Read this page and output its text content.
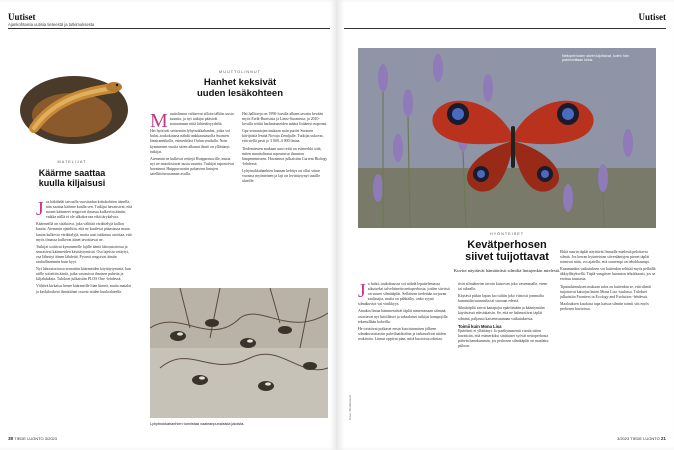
Uutiset
Ajankohtaisia uutisia tieteestä ja tutkimuksesta
MATELIJAT
Käärme saattaa
kuulla kiljaisusi
J os käkähdät taivaalla vuosisadan kohokohtien äänellä, niin saattaa käärme kuulla sen. Tutkijat havaitsivat, että monet käärmeet reagoivat ilmassa kulkeviin ääniin, vaikka niillä ei ole ulkokorvaa eikä tärykalvoa.

Käärmeillä on sisäkorva, joka välittää värähtelyjä kallon kautta. Aiemmin ajateltiin, että ne kuulevat pääasiassa maan kautta kulkevia värähtelyjä, mutta uusi tutkimus osoittaa, että myös ilmassa kulkevat äänet tavoittavat ne.

Tutkijat soittivat kymmenelle lajille ääniä laboratoriossa ja seurasivat käärmeiden käyttäytymistä. Osa lajeista vetäytyi, osa lähestyi äänen lähdettä. Pytonit reagoivat ääniin rauhallisemmin kuin kyyt.

Nyt laboratoriossa seurattiin käärmeiden käyttäytymistä, kun niille soitettiin ääniä, jotka vastasivat ihmisen puhetta ja kiljahduksia. Tulokset julkaistiin PLOS One -lehdessä.

Viiltävä kirkaisu lienee käärmeille liian kimeä, mutta matalat ja keskikorkeat ihmisäänet osuvat niiden kuuloalueelle.

MUUTTOLINNUT
Hanhet keksivät
uuden lesäkohteen
M uuttolinnut valitsevat silloin tällöin uusia suuntia, ja nyt tutkijat pääsivät seuraamaan niitä lähietäisyydeltä.

Hei hyötivät seitsemän lyhytnokkahanhet, jotka voi huhti–toukokuussa nähdä tankkaustauolla Suomen länsirannikolla, esimerkiksi Oulun seudulla. Noin kymmenen vuotta sitten alkanut ilmiö on yllättänyt tutkijat.

Aiemmin ne kulkivat reittejä Huippuvuorille, mutta nyt ne muodostavat uusia suuntia. Tutkijat raportoivat havainnot Huippuvuoriin palaavien lintujen satelliittiseurannan avulla.

Hai hallitseja on 1990-luvulla alkaen tavattu kevään myös Etelä-Ruotsista ja Länsi-Suomesta, ja 2010-luvulla reititä harhautuneiden määrä lisääntyi nopeasti.

Gps-seurantojen mukaan noin puolet Suomen kävijöistä lentää Novaja Zemljalle. Tutkijat uskovat, että siellä pesii jo 3 000–4 000 lintua.

Tiedemiesten mukaan uusi reitti on esimerkki siitä, miten muuttolinnut sopeutuvat ilmaston lämpenemiseen. Havainnot julkaistiin Current Biology -lehdessä.

Lyhytnokkahanhien kannan kehitys on ollut viime vuosina myönteinen ja laji on levittäytynyt uusille alueille.

Lyhytnokkahanhien tunnistaa vaaleanpunaisista jaloista.
38 TIEDE LUONTO 3/2023
Uutiset
Neitoperhosen siivet tuijottavat, kuten hän pahimmillaan keksi.
HYÖNTEISET
Kevätperhosen
siivet tuijottavat
Kuviot näyttävät hämäävästi silmiltä lintujenkin mielestä.
Kuva: Shutterstock
J o huhti–toukokuussa voi nähdä lepattelemassa aikuiseksi talvehtineita neitoperhosia, joiden siivissä on suuret silmätäplät. Sellaisten tiedetään torjuvan saalistajia, mutta on pähkäilty, onko syynä silmäkuviot vai värikkyys.

Amakin lintua hämmentävät täplät nimenomaan silminä, osoittavat nyt brittiläiset ja saksalaiset tutkijat kanapojilla tekemillään kokeilla.

He totuttivat poikaset ensin kuoriutumisen jälkeen silmäkuvioitaviin pahvilaatikoihin ja tarkastelivat niiden reaktioita. Linnut oppivat pian, mitä kuvioista odottaa.

tivät silmiäterien tavoin katsovan joko vasemmalle, eteen tai oikealle.

Käytävä pitkin lapun luo tulitin joko viistosti jommalta kummalta suunnalta tai suoraan edestä.

Silmätäplät saivat kanapojat epäröimään ja kääntymään käytävässä edestakaisin. Se, että ne hahmottivat täplät silminä, paljastui katseensuunnan vaikutuksesta.

Toimii kuin Mona Lisa

Epäröinti ei yllättänyt. Jo parikymmentä vuotta sitten havaittiin, että esimerkiksi sinitiaiset syövät neitoperhosia pahvin hanakammin, jos perhosen silmätäplät on maalattu piiloon.

Ehkä suurin täplät näyttävät linnuille mielestä pelottavia silmiä. Jos kerran hyönteisten siivenläntyjen pienet täplät toimivat näin, voi ajatella, että suurempi on tehokkaampi.

Kummankin vaikutuksen voi kuitenkin selittää myös pelkällä äkkiyllätyksellä. Täplä vangitsee huomion tehokkaasti, jos se erottuu taustasta.

Tipututkimuksen mukaan tulos on kuitenkin se, että silmät tuijottavat katsojaa kuten Mona Lisa -taulussa. Tulokset julkaistiin Frontiers in Ecology and Evolution -lehdessä.

Maalauksen kuuluisa tapa katsoa silmiin toimii siis myös perhosen kuvioissa.

3/2023 TIEDE LUONTO 21
